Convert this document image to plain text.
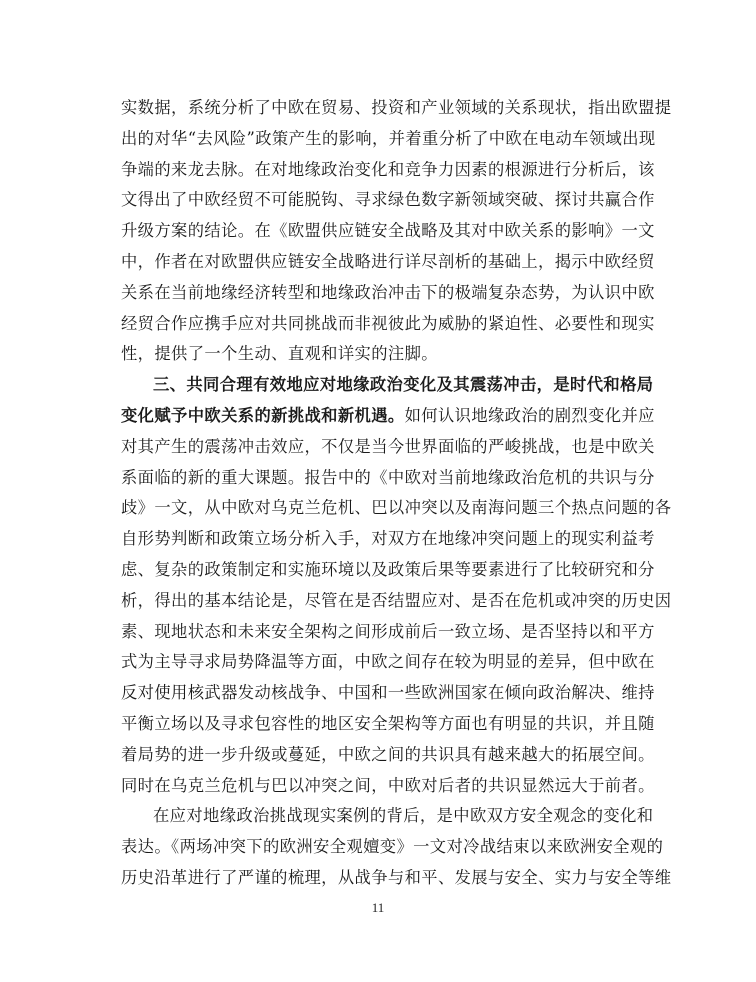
实数据，系统分析了中欧在贸易、投资和产业领域的关系现状，指出欧盟提
出的对华“去风险”政策产生的影响，并着重分析了中欧在电动车领域出现
争端的来龙去脉。在对地缘政治变化和竞争力因素的根源进行分析后，该
文得出了中欧经贸不可能脱钩、寻求绿色数字新领域突破、探讨共赢合作
升级方案的结论。在《欧盟供应链安全战略及其对中欧关系的影响》一文
中，作者在对欧盟供应链安全战略进行详尽剖析的基础上，揭示中欧经贸
关系在当前地缘经济转型和地缘政治冲击下的极端复杂态势，为认识中欧
经贸合作应携手应对共同挑战而非视彼此为威胁的紧迫性、必要性和现实
性，提供了一个生动、直观和详实的注脚。
三、共同合理有效地应对地缘政治变化及其震荡冲击，是时代和格局
变化赋予中欧关系的新挑战和新机遇。如何认识地缘政治的剧烈变化并应
对其产生的震荡冲击效应，不仅是当今世界面临的严峻挑战，也是中欧关
系面临的新的重大课题。报告中的《中欧对当前地缘政治危机的共识与分
歧》一文，从中欧对乌克兰危机、巴以冲突以及南海问题三个热点问题的各
自形势判断和政策立场分析入手，对双方在地缘冲突问题上的现实利益考
虑、复杂的政策制定和实施环境以及政策后果等要素进行了比较研究和分
析，得出的基本结论是，尽管在是否结盟应对、是否在危机或冲突的历史因
素、现地状态和未来安全架构之间形成前后一致立场、是否坚持以和平方
式为主导寻求局势降温等方面，中欧之间存在较为明显的差异，但中欧在
反对使用核武器发动核战争、中国和一些欧洲国家在倾向政治解决、维持
平衡立场以及寻求包容性的地区安全架构等方面也有明显的共识，并且随
着局势的进一步升级或蔓延，中欧之间的共识具有越来越大的拓展空间。
同时在乌克兰危机与巴以冲突之间，中欧对后者的共识显然远大于前者。
在应对地缘政治挑战现实案例的背后，是中欧双方安全观念的变化和
表达。《两场冲突下的欧洲安全观嬗变》一文对冷战结束以来欧洲安全观的
历史沿革进行了严谨的梳理，从战争与和平、发展与安全、实力与安全等维
11
